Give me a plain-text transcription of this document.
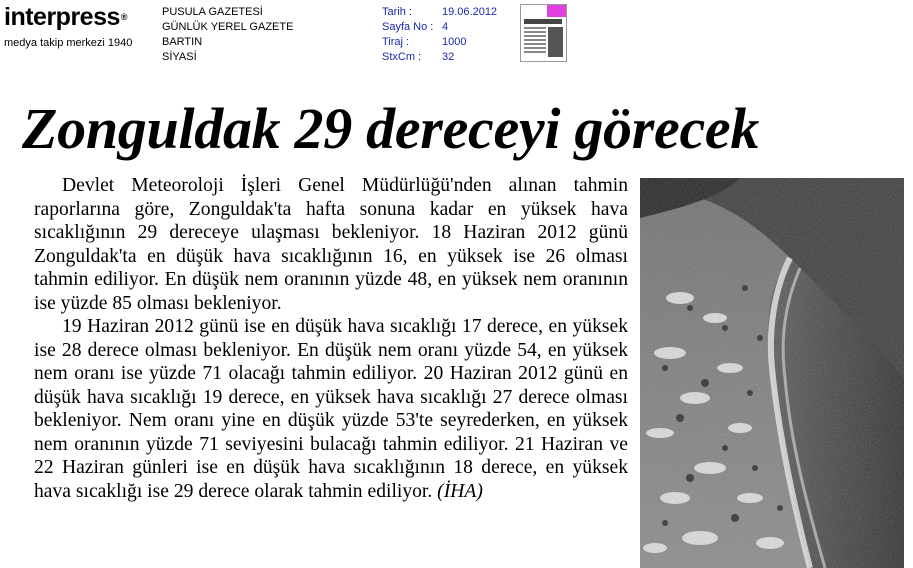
interpress®
medya takip merkezi 1940
PUSULA GAZETESİ
GÜNLÜK YEREL GAZETE
BARTIN
SİYASİ
Tarih :
Sayfa No :
Tiraj :
StxCm :
19.06.2012
4
1000
32
Zonguldak 29 dereceyi görecek

Devlet Meteoroloji İşleri Genel Müdürlüğü'nden alınan tahmin raporlarına göre, Zonguldak'ta hafta sonuna kadar en yüksek hava sıcaklığının 29 dereceye ulaşması bekleniyor. 18 Haziran 2012 günü Zonguldak'ta en düşük hava sıcaklığının 16, en yüksek ise 26 olması tahmin ediliyor. En düşük nem oranının yüzde 48, en yüksek nem oranının ise yüzde 85 olması bekleniyor.

19 Haziran 2012 günü ise en düşük hava sıcaklığı 17 derece, en yüksek ise 28 derece olması bekleniyor. En düşük nem oranı yüzde 54, en yüksek nem oranı ise yüzde 71 olacağı tahmin ediliyor. 20 Haziran 2012 günü en düşük hava sıcaklığı 19 derece, en yüksek hava sıcaklığı 27 derece olması bekleniyor. Nem oranı yine en düşük yüzde 53'te seyrederken, en yüksek nem oranının yüzde 71 seviyesini bulacağı tahmin ediliyor. 21 Haziran ve 22 Haziran günleri ise en düşük hava sıcaklığının 18 derece, en yüksek hava sıcaklığı ise 29 derece olarak tahmin ediliyor. (İHA)
